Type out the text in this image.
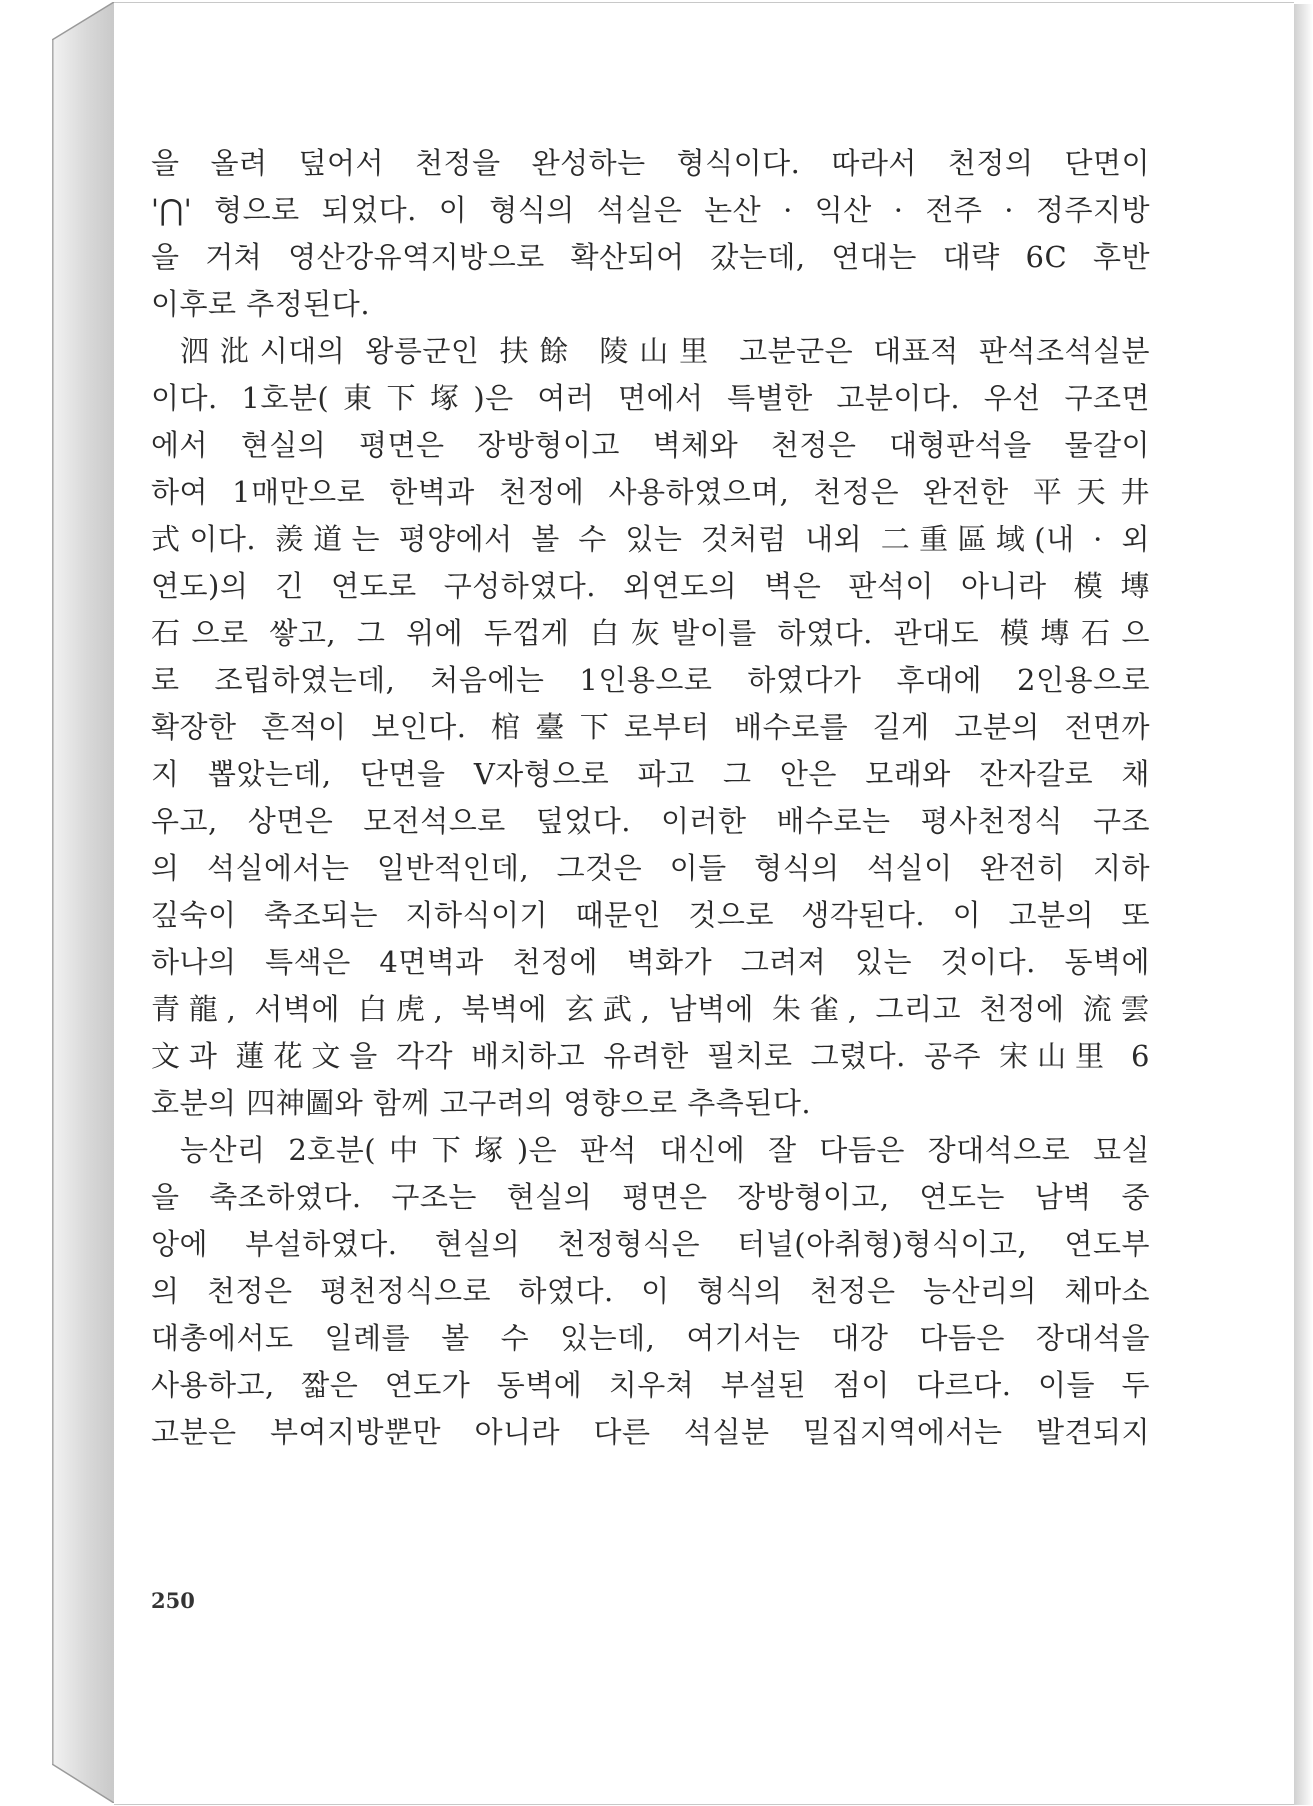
을 올려 덮어서 천정을 완성하는 형식이다. 따라서 천정의 단면이
'⋂' 형으로 되었다. 이 형식의 석실은 논산 · 익산 · 전주 · 정주지방
을 거쳐 영산강유역지방으로 확산되어 갔는데, 연대는 대략 6C 후반
이후로 추정된다.
泗沘시대의 왕릉군인 扶餘 陵山里 고분군은 대표적 판석조석실분
이다. 1호분(東下塚)은 여러 면에서 특별한 고분이다. 우선 구조면
에서 현실의 평면은 장방형이고 벽체와 천정은 대형판석을 물갈이
하여 1매만으로 한벽과 천정에 사용하였으며, 천정은 완전한 平天井
式이다. 羨道는 평양에서 볼 수 있는 것처럼 내외 二重區域(내 · 외
연도)의 긴 연도로 구성하였다. 외연도의 벽은 판석이 아니라 模塼
石으로 쌓고, 그 위에 두껍게 白灰발이를 하였다. 관대도 模塼石으
로 조립하였는데, 처음에는 1인용으로 하였다가 후대에 2인용으로
확장한 흔적이 보인다. 棺臺下로부터 배수로를 길게 고분의 전면까
지 뽑았는데, 단면을 V자형으로 파고 그 안은 모래와 잔자갈로 채
우고, 상면은 모전석으로 덮었다. 이러한 배수로는 평사천정식 구조
의 석실에서는 일반적인데, 그것은 이들 형식의 석실이 완전히 지하
깊숙이 축조되는 지하식이기 때문인 것으로 생각된다. 이 고분의 또
하나의 특색은 4면벽과 천정에 벽화가 그려져 있는 것이다. 동벽에
青龍, 서벽에 白虎, 북벽에 玄武, 남벽에 朱雀, 그리고 천정에 流雲
文과 蓮花文을 각각 배치하고 유려한 필치로 그렸다. 공주 宋山里 6
호분의 四神圖와 함께 고구려의 영향으로 추측된다.
능산리 2호분(中下塚)은 판석 대신에 잘 다듬은 장대석으로 묘실
을 축조하였다. 구조는 현실의 평면은 장방형이고, 연도는 남벽 중
앙에 부설하였다. 현실의 천정형식은 터널(아취형)형식이고, 연도부
의 천정은 평천정식으로 하였다. 이 형식의 천정은 능산리의 체마소
대총에서도 일례를 볼 수 있는데, 여기서는 대강 다듬은 장대석을
사용하고, 짧은 연도가 동벽에 치우쳐 부설된 점이 다르다. 이들 두
고분은 부여지방뿐만 아니라 다른 석실분 밀집지역에서는 발견되지
250
